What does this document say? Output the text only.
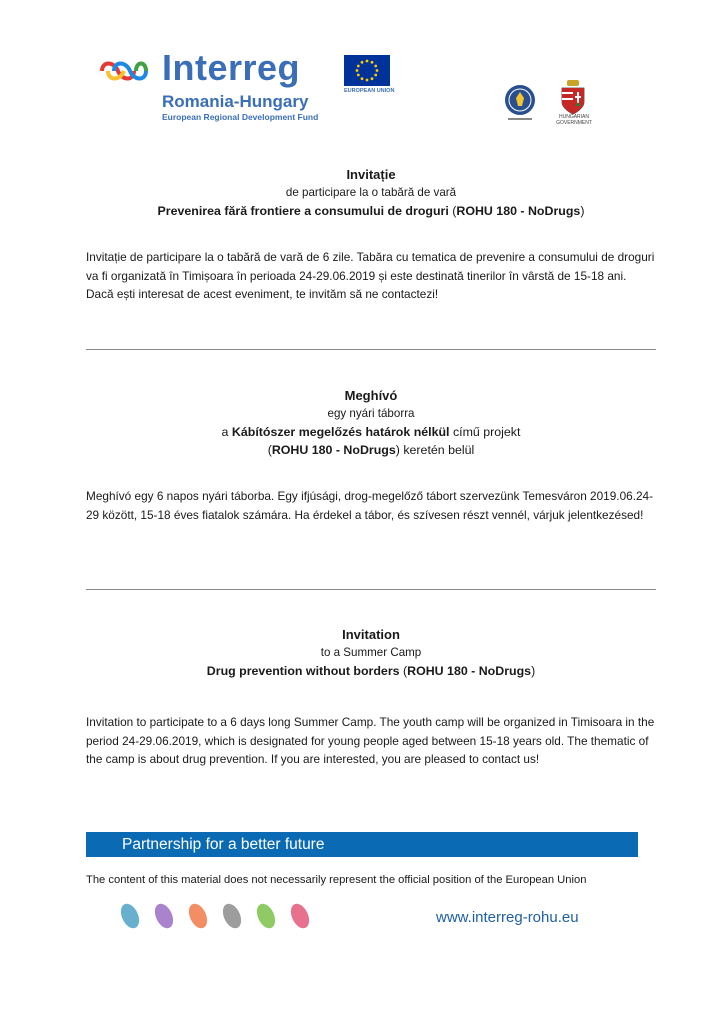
Interreg
Romania-Hungary
European Regional Development Fund
EUROPEAN UNION
HUNGARIAN GOVERNMENT
Invitație
de participare la o tabără de vară
Prevenirea fără frontiere a consumului de droguri (ROHU 180 - NoDrugs)
Invitație de participare la o tabără de vară de 6 zile. Tabăra cu tematica de prevenire a consumului de droguri va fi organizată în Timișoara în perioada 24-29.06.2019 și este destinată tinerilor în vârstă de 15-18 ani. Dacă ești interesat de acest eveniment, te invităm să ne contactezi!
Meghívó
egy nyári táborra
a Kábítószer megelőzés határok nélkül című projekt
(ROHU 180 - NoDrugs) keretén belül
Meghívó egy 6 napos nyári táborba. Egy ifjúsági, drog-megelőző tábort szervezünk Temesváron 2019.06.24-29 között, 15-18 éves fiatalok számára. Ha érdekel a tábor, és szívesen részt vennél, várjuk jelentkezésed!
Invitation
to a Summer Camp
Drug prevention without borders (ROHU 180 - NoDrugs)
Invitation to participate to a 6 days long Summer Camp. The youth camp will be organized in Timisoara in the period 24-29.06.2019, which is designated for young people aged between 15-18 years old. The thematic of the camp is about drug prevention. If you are interested, you are pleased to contact us!
Partnership for a better future
The content of this material does not necessarily represent the official position of the European Union
www.interreg-rohu.eu
